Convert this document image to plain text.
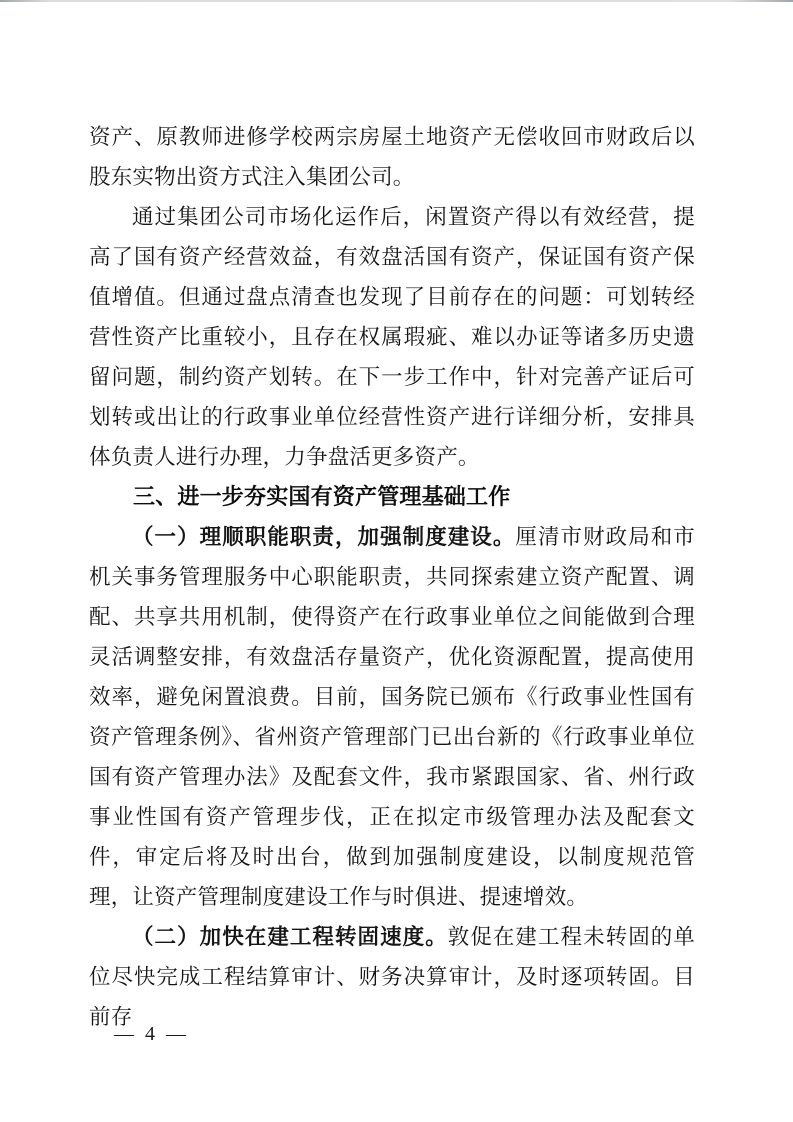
资产、原教师进修学校两宗房屋土地资产无偿收回市财政后以股东实物出资方式注入集团公司。

通过集团公司市场化运作后，闲置资产得以有效经营，提高了国有资产经营效益，有效盘活国有资产，保证国有资产保值增值。但通过盘点清查也发现了目前存在的问题：可划转经营性资产比重较小，且存在权属瑕疵、难以办证等诸多历史遗留问题，制约资产划转。在下一步工作中，针对完善产证后可划转或出让的行政事业单位经营性资产进行详细分析，安排具体负责人进行办理，力争盘活更多资产。

三、进一步夯实国有资产管理基础工作

（一）理顺职能职责，加强制度建设。厘清市财政局和市机关事务管理服务中心职能职责，共同探索建立资产配置、调配、共享共用机制，使得资产在行政事业单位之间能做到合理灵活调整安排，有效盘活存量资产，优化资源配置，提高使用效率，避免闲置浪费。目前，国务院已颁布《行政事业性国有资产管理条例》、省州资产管理部门已出台新的《行政事业单位国有资产管理办法》及配套文件，我市紧跟国家、省、州行政事业性国有资产管理步伐，正在拟定市级管理办法及配套文件，审定后将及时出台，做到加强制度建设，以制度规范管理，让资产管理制度建设工作与时俱进、提速增效。

（二）加快在建工程转固速度。敦促在建工程未转固的单位尽快完成工程结算审计、财务决算审计，及时逐项转固。目前存

— 4 —
